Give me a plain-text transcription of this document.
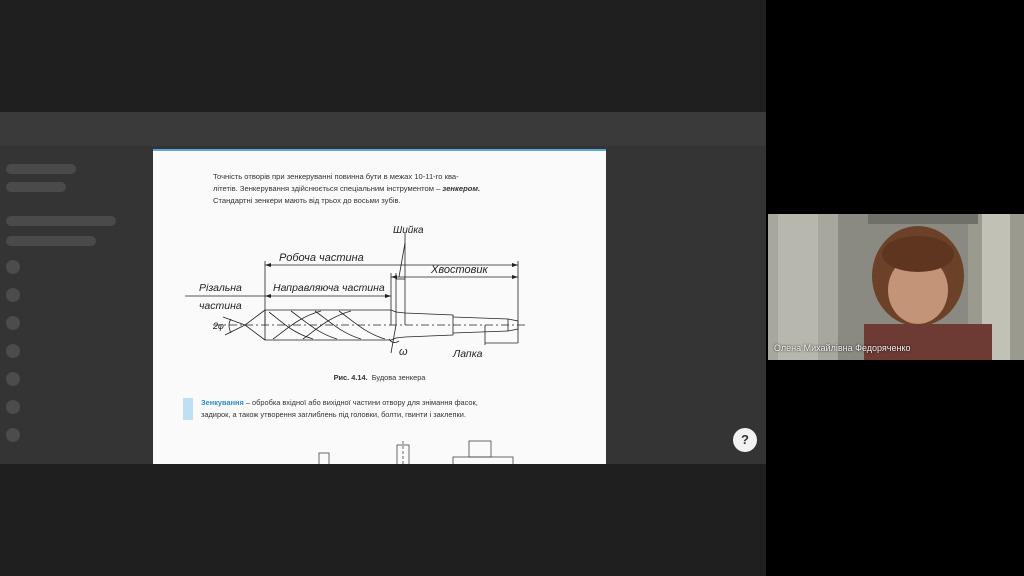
Точність отворів при зенкеруванні повинна бути в межах 10-11-го ква-
літетів. Зенкерування здійснюється спеціальним інструментом – зенкером.
Стандартні зенкери мають від трьох до восьми зубів.
Робоча частина
Шийка
Хвостовик
Різальна
частина
Направляюча частина
Лапка
ω
2φ
Рис. 4.14. Будова зенкера
Зенкування – обробка вхідної або вихідної частини отвору для знімання фасок,
задирок, а також утворення заглиблень під головки, болти, гвинти і заклепки.
?
Олена Михайлівна Федоряченко
